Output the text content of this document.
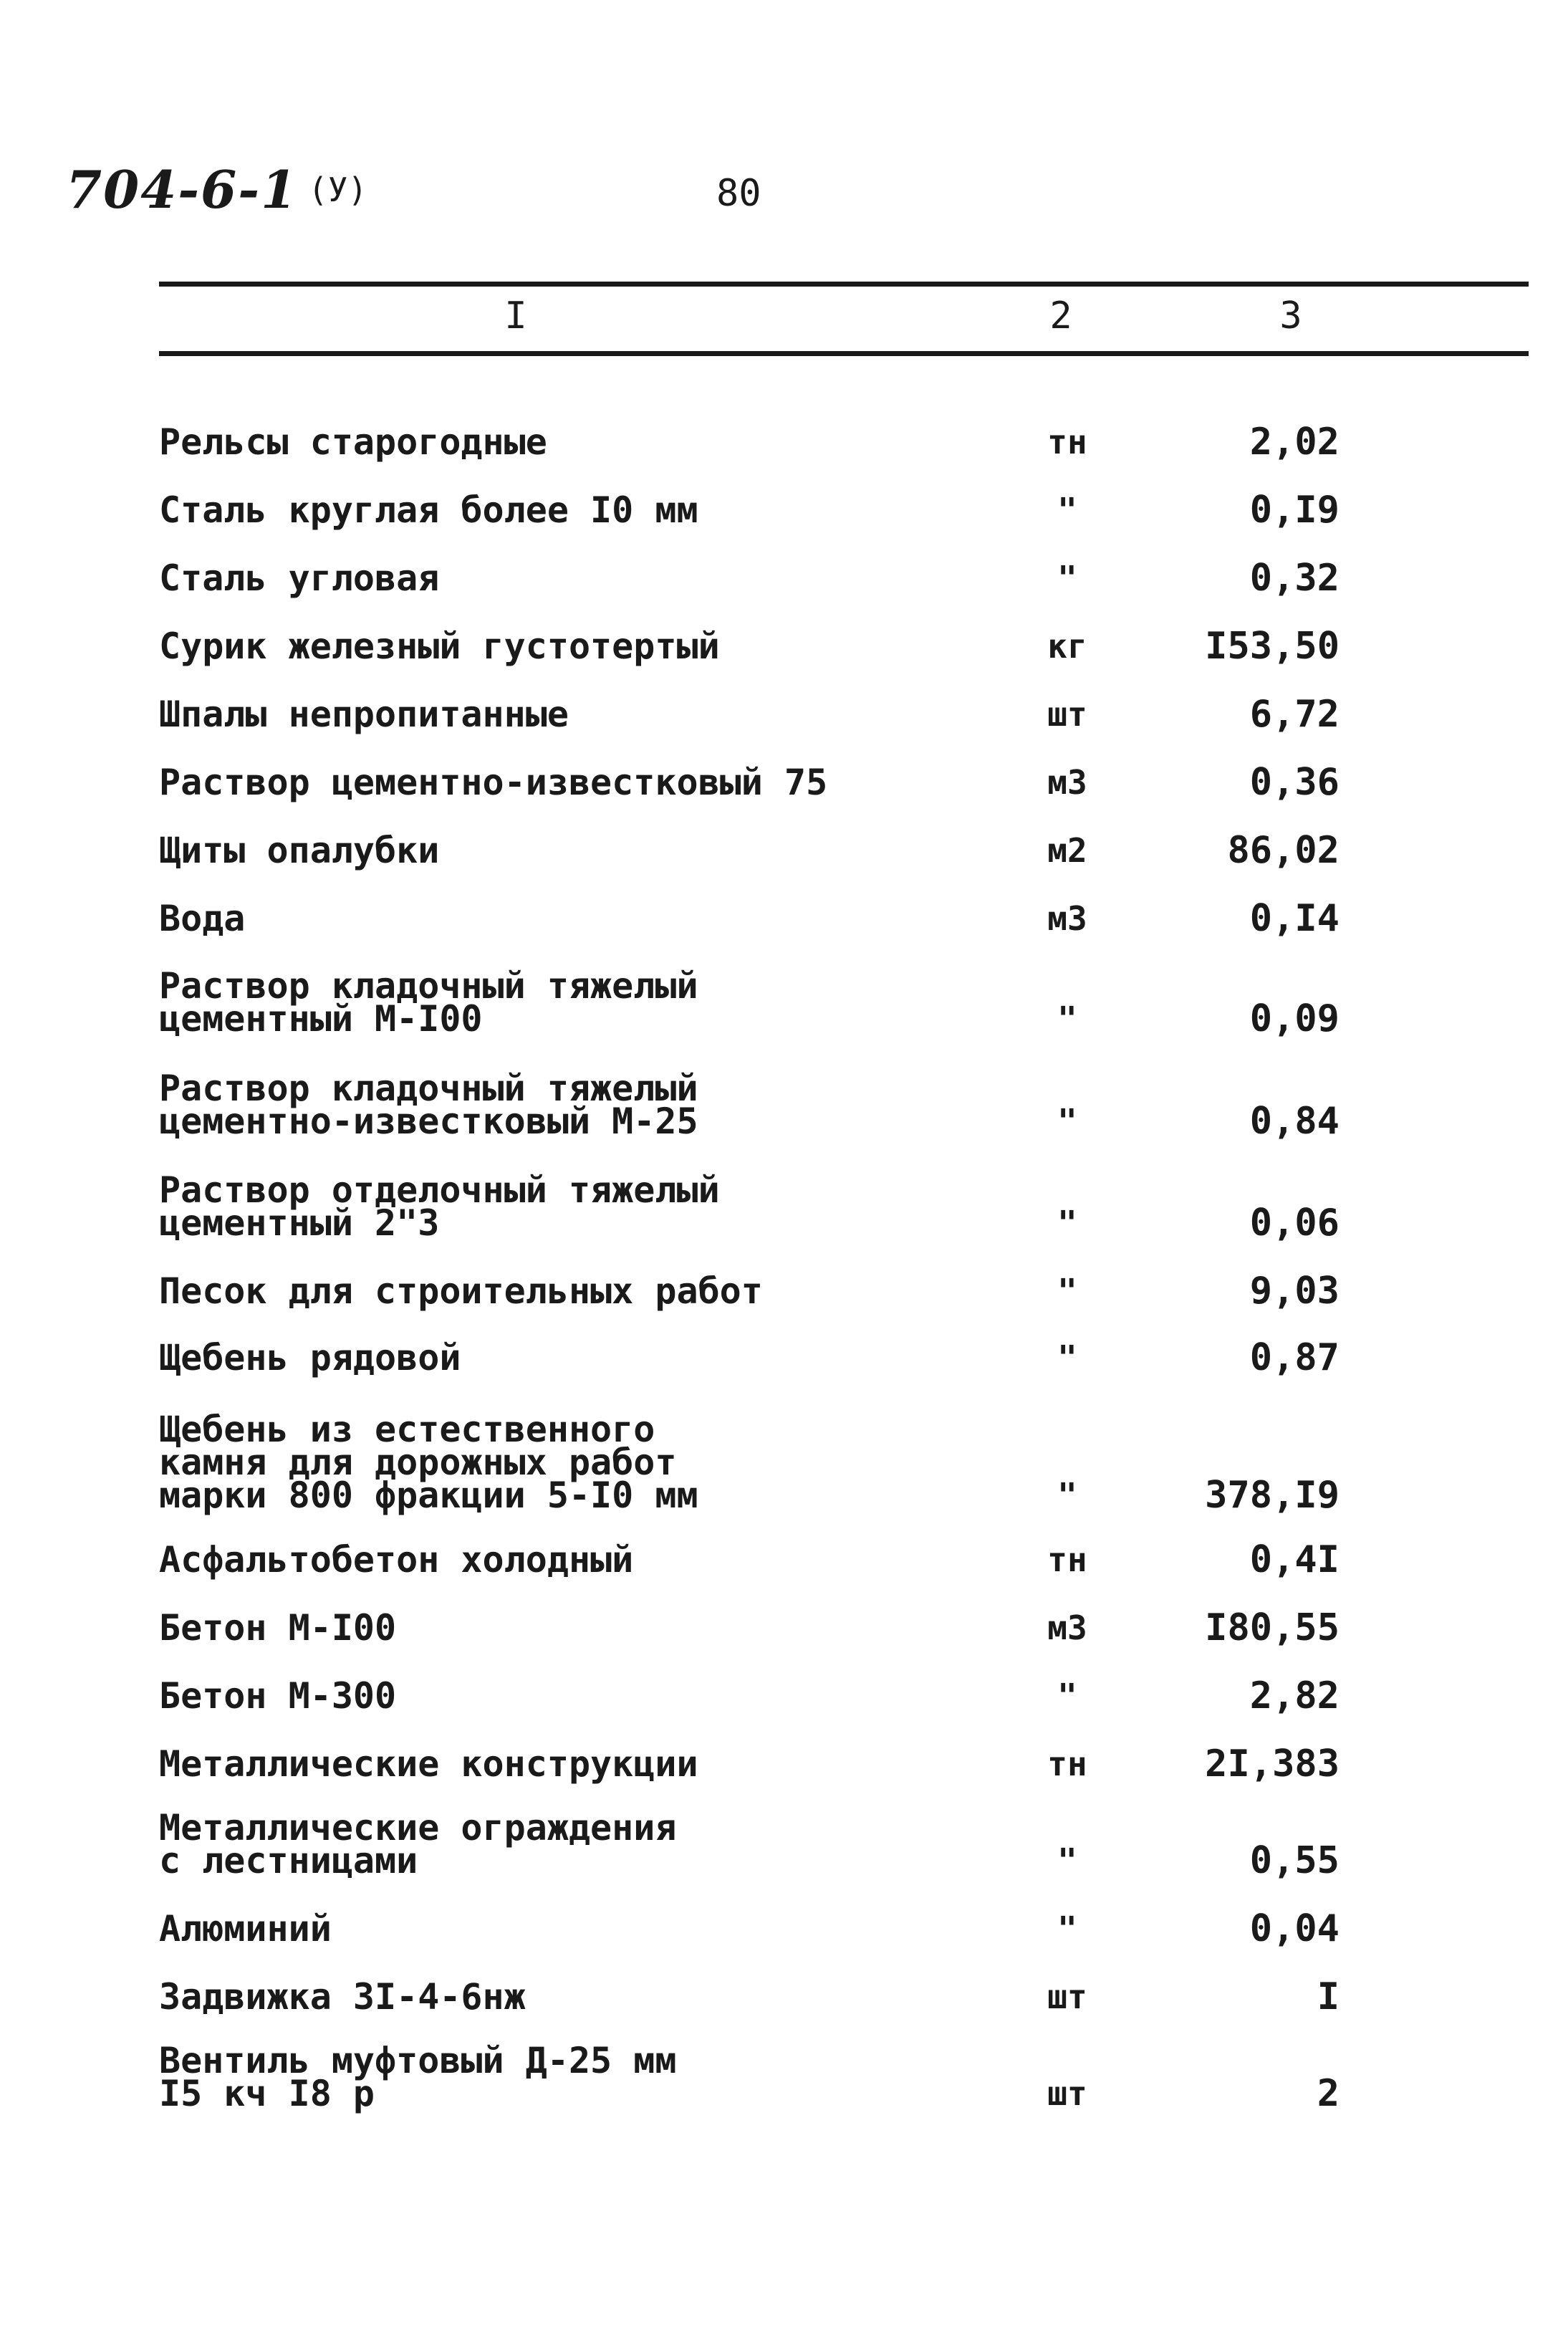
704-6-1 (У)	80
I	2	3
Рельсы старогодные	тн	2,02
Сталь круглая более I0 мм	"	0,I9
Сталь угловая	"	0,32
Сурик железный густотертый	кг	I53,50
Шпалы непропитанные	шт	6,72
Раствор цементно-известковый 75	м3	0,36
Щиты опалубки	м2	86,02
Вода	м3	0,I4
Раствор кладочный тяжелый
цементный М-I00	"	0,09
Раствор кладочный тяжелый
цементно-известковый М-25	"	0,84
Раствор отделочный тяжелый
цементный 2"3	"	0,06
Песок для строительных работ	"	9,03
Щебень рядовой	"	0,87
Щебень из естественного
камня для дорожных работ
марки 800 фракции 5-I0 мм	"	378,I9
Асфальтобетон холодный	тн	0,4I
Бетон М-I00	м3	I80,55
Бетон М-300	"	2,82
Металлические конструкции	тн	2I,383
Металлические ограждения
с лестницами	"	0,55
Алюминий	"	0,04
Задвижка 3I-4-6нж	шт	I
Вентиль муфтовый Д-25 мм
I5 кч I8 р	шт	2
